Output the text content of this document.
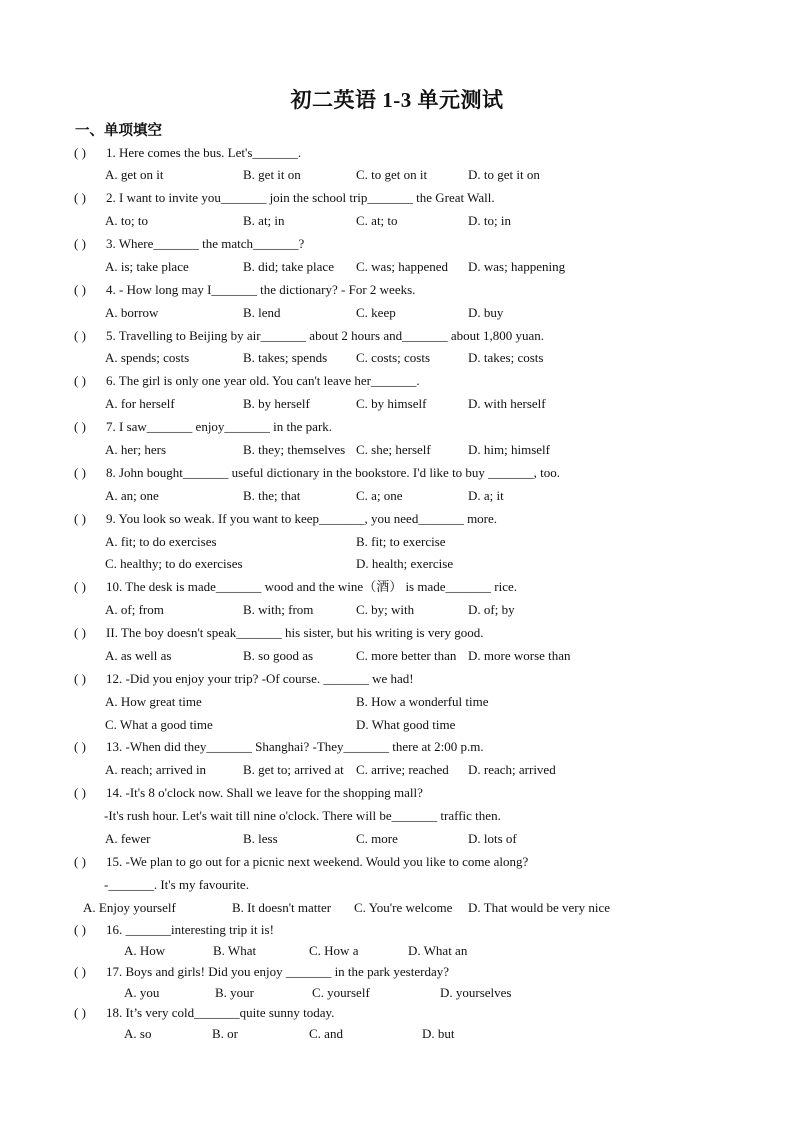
初二英语 1-3 单元测试
一、单项填空
( ) 1. Here comes the bus. Let's_______.
A. get on it	B. get it on	C. to get on it	D. to get it on
( ) 2. I want to invite you_______ join the school trip_______ the Great Wall.
A. to; to	B. at; in	C. at; to	D. to; in
( ) 3. Where_______ the match_______?
A. is; take place	B. did; take place C. was; happened D. was; happening
( ) 4. - How long may I_______ the dictionary? - For 2 weeks.
A. borrow	B. lend	C. keep	D. buy
( ) 5. Travelling to Beijing by air_______ about 2 hours and_______ about 1,800 yuan.
A. spends; costs	B. takes; spends C. costs; costs	D. takes; costs
( ) 6. The girl is only one year old. You can't leave her_______.
A. for herself	B. by herself	C. by himself	D. with herself
( ) 7. I saw_______ enjoy_______ in the park.
A. her; hers	B. they; themselves C. she; herself	D. him; himself
( ) 8. John bought_______ useful dictionary in the bookstore. I'd like to buy _______, too.
A. an; one	B. the; that	C. a; one	D. a; it
( ) 9. You look so weak. If you want to keep_______, you need_______ more.
A. fit; to do exercises	B. fit; to exercise
C. healthy; to do exercises	D. health; exercise
( ) 10. The desk is made_______ wood and the wine（酒） is made_______ rice.
A. of; from	B. with; from	C. by; with	D. of; by
( ) II. The boy doesn't speak_______ his sister, but his writing is very good.
A. as well as	B. so good as	C. more better than D. more worse than
( ) 12. -Did you enjoy your trip? -Of course. _______ we had!
A. How great time	B. How a wonderful time
C. What a good time	D. What good time
( ) 13. -When did they_______ Shanghai? -They_______ there at 2:00 p.m.
A. reach; arrived in	B. get to; arrived at C. arrive; reached D. reach; arrived
( ) 14. -It's 8 o'clock now. Shall we leave for the shopping mall?
-It's rush hour. Let's wait till nine o'clock. There will be_______ traffic then.
A. fewer	B. less	C. more	D. lots of
( ) 15. -We plan to go out for a picnic next weekend. Would you like to come along?
-_______. It's my favourite.
A. Enjoy yourself	B. It doesn't matter C. You're welcome D. That would be very nice
( ) 16. _______interesting trip it is!
A. How	B. What	C. How a	D. What an
( ) 17. Boys and girls! Did you enjoy _______ in the park yesterday?
A. you	B. your	C. yourself	D. yourselves
( ) 18. It’s very cold_______quite sunny today.
A. so	B. or	C. and	D. but
